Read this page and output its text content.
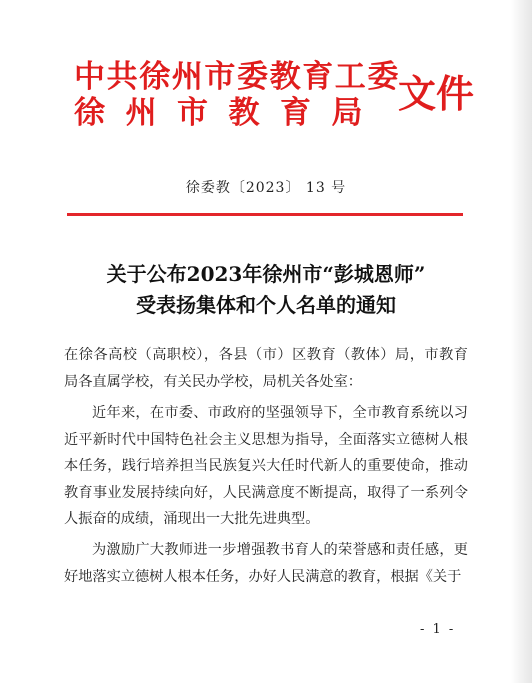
中共徐州市委教育工委
徐州市教育局 文件
徐委教〔2023〕 13 号
关于公布2023年徐州市“彭城恩师”
受表扬集体和个人名单的通知
在徐各高校（高职校），各县（市）区教育（教体）局，市教育局各直属学校，有关民办学校，局机关各处室：
近年来，在市委、市政府的坚强领导下，全市教育系统以习近平新时代中国特色社会主义思想为指导，全面落实立德树人根本任务，践行培养担当民族复兴大任时代新人的重要使命，推动教育事业发展持续向好，人民满意度不断提高，取得了一系列令人振奋的成绩，涌现出一大批先进典型。
为激励广大教师进一步增强教书育人的荣誉感和责任感，更好地落实立德树人根本任务，办好人民满意的教育，根据《关于
- 1 -
